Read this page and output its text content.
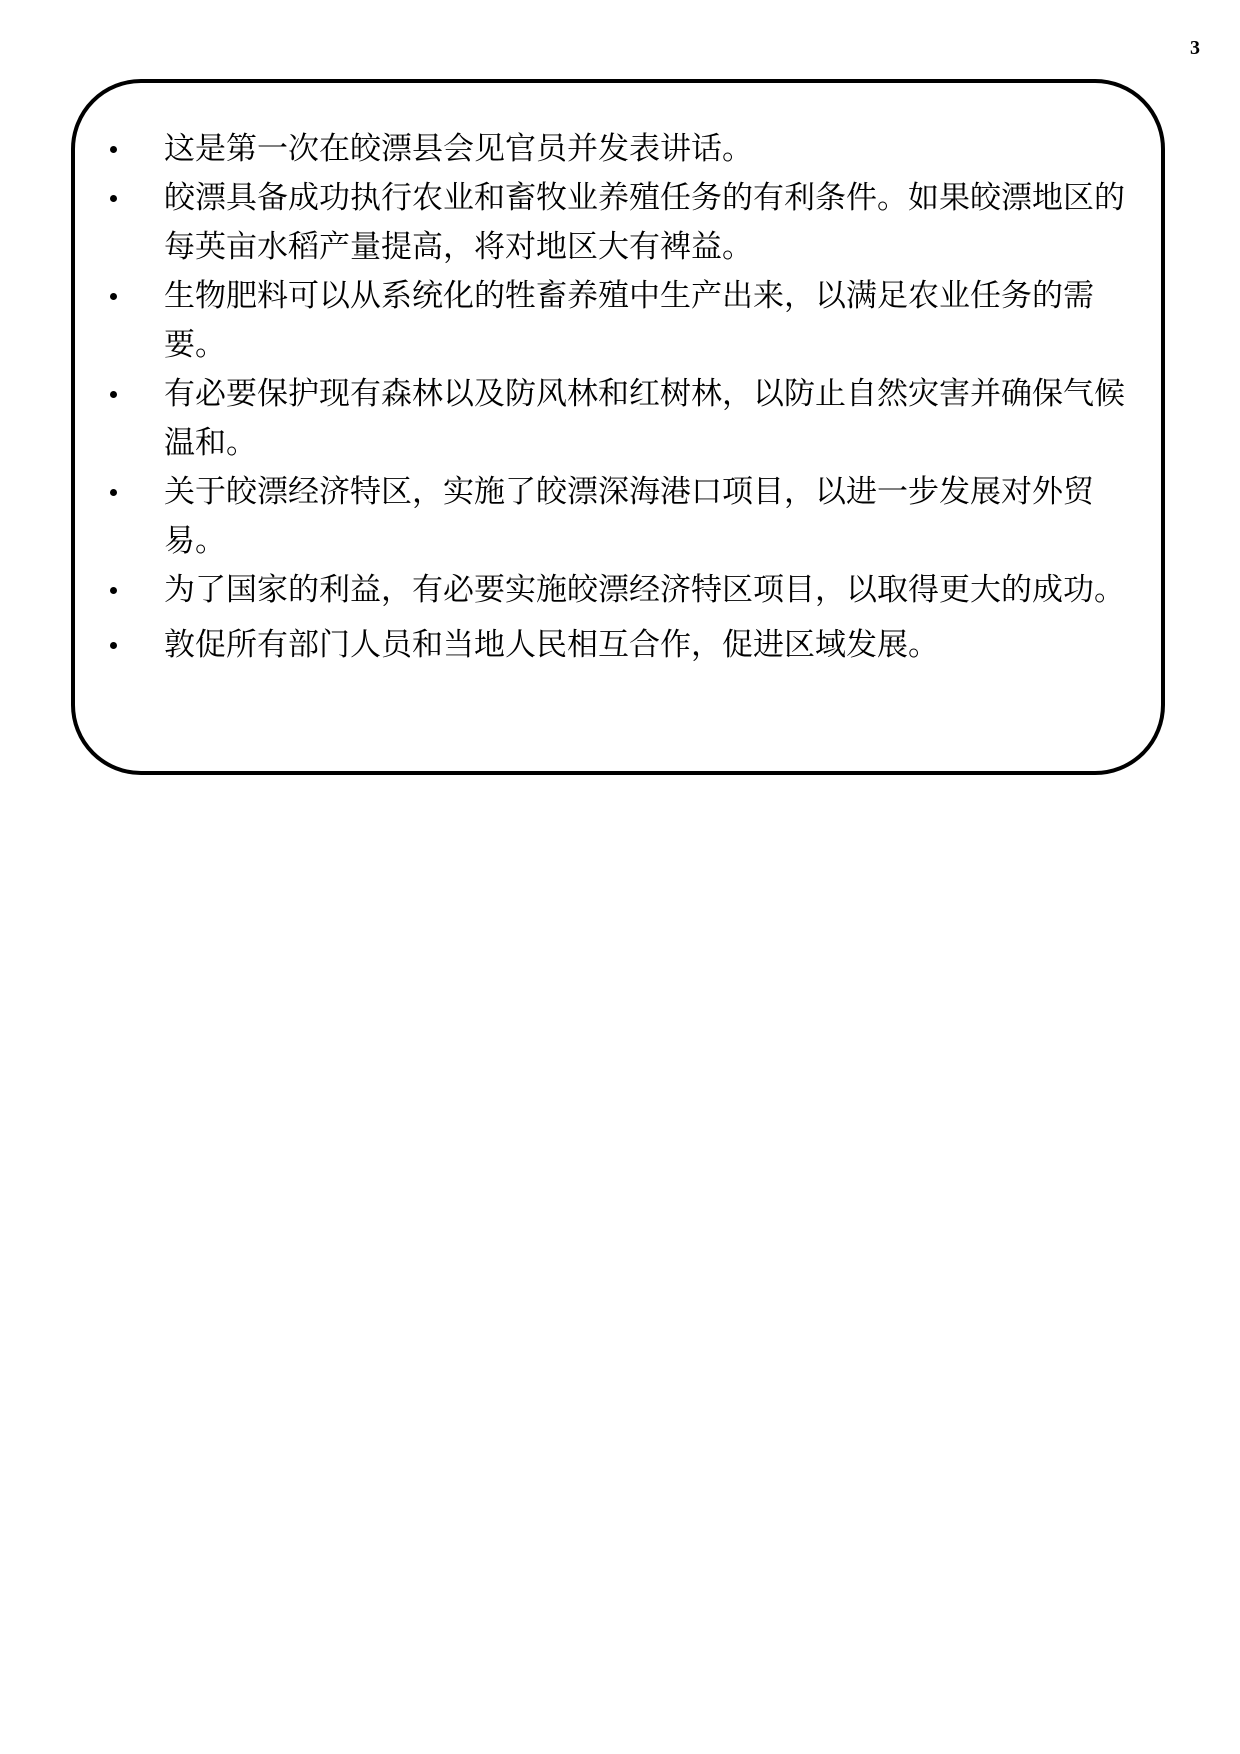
3
这是第一次在皎漂县会见官员并发表讲话。
皎漂具备成功执行农业和畜牧业养殖任务的有利条件。如果皎漂地区的每英亩水稻产量提高，将对地区大有裨益。
生物肥料可以从系统化的牲畜养殖中生产出来，以满足农业任务的需要。
有必要保护现有森林以及防风林和红树林，以防止自然灾害并确保气候温和。
关于皎漂经济特区，实施了皎漂深海港口项目，以进一步发展对外贸易。
为了国家的利益，有必要实施皎漂经济特区项目，以取得更大的成功。
敦促所有部门人员和当地人民相互合作，促进区域发展。
